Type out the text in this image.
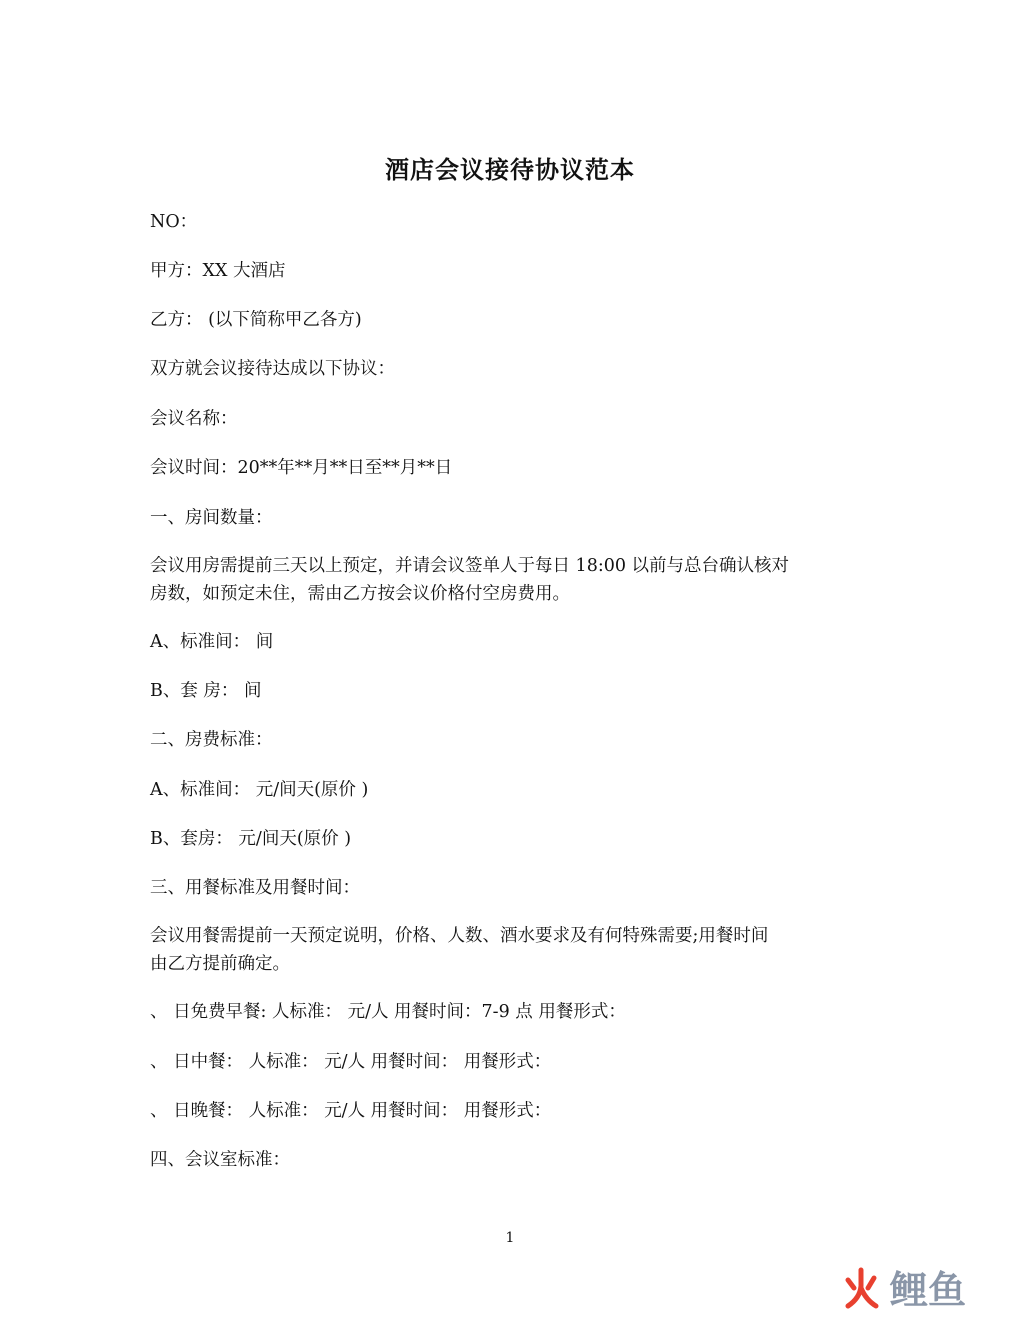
酒店会议接待协议范本
NO：
甲方：XX 大酒店
乙方： (以下简称甲乙各方)
双方就会议接待达成以下协议：
会议名称：
会议时间：20**年**月**日至**月**日
一、房间数量：
会议用房需提前三天以上预定，并请会议签单人于每日 18:00 以前与总台确认核对
房数，如预定未住，需由乙方按会议价格付空房费用。
A、标准间： 间
B、套 房： 间
二、房费标准：
A、标准间： 元/间天(原价 )
B、套房： 元/间天(原价 )
三、用餐标准及用餐时间：
会议用餐需提前一天预定说明，价格、人数、酒水要求及有何特殊需要;用餐时间
由乙方提前确定。
、 日免费早餐: 人标准： 元/人 用餐时间：7-9 点 用餐形式：
、 日中餐： 人标准： 元/人 用餐时间： 用餐形式：
、 日晚餐： 人标准： 元/人 用餐时间： 用餐形式：
四、会议室标准：
1
鲤鱼
